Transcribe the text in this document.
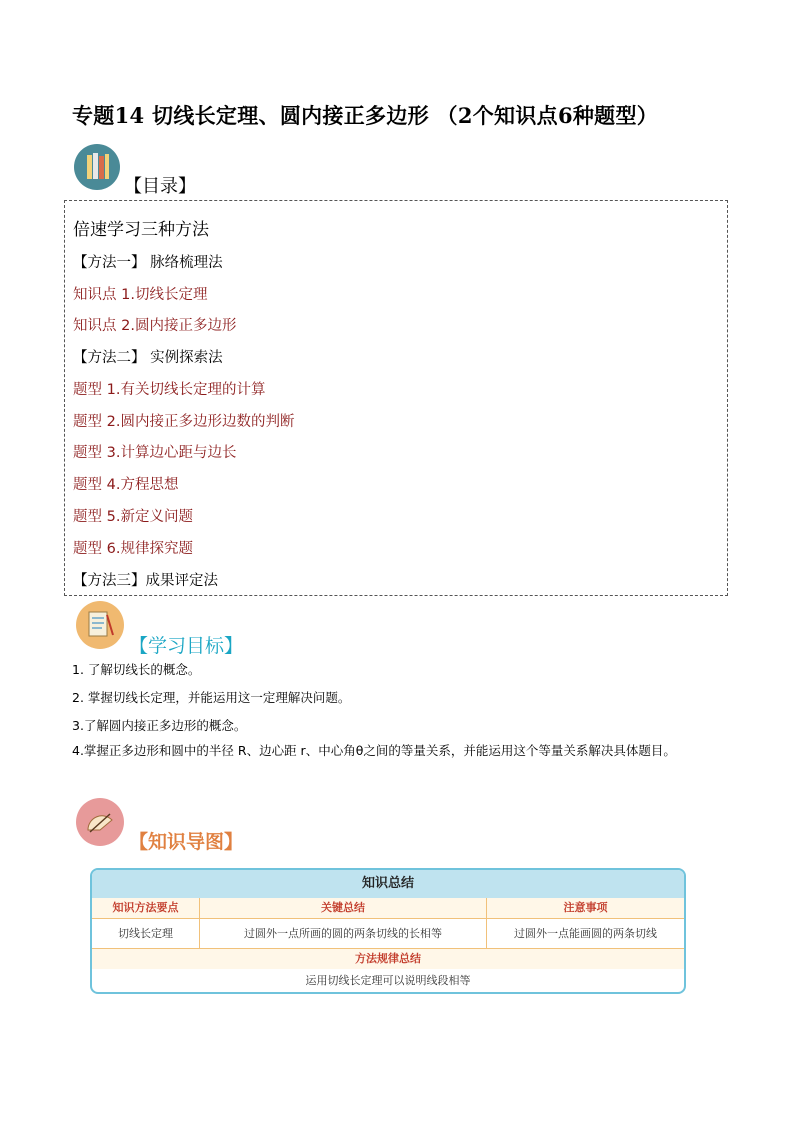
专题14 切线长定理、圆内接正多边形 （2个知识点6种题型）
【目录】
倍速学习三种方法
【方法一】 脉络梳理法
知识点 1.切线长定理
知识点 2.圆内接正多边形
【方法二】 实例探索法
题型 1.有关切线长定理的计算
题型 2.圆内接正多边形边数的判断
题型 3.计算边心距与边长
题型 4.方程思想
题型 5.新定义问题
题型 6.规律探究题
【方法三】成果评定法
【学习目标】
1. 了解切线长的概念。
2. 掌握切线长定理，并能运用这一定理解决问题。
3.了解圆内接正多边形的概念。
4.掌握正多边形和圆中的半径 R、边心距 r、中心角θ之间的等量关系，并能运用这个等量关系解决具体题目。
【知识导图】
知识总结
知识方法要点	关键总结	注意事项
切线长定理	过圆外一点所画的圆的两条切线的长相等	过圆外一点能画圆的两条切线
方法规律总结
运用切线长定理可以说明线段相等
